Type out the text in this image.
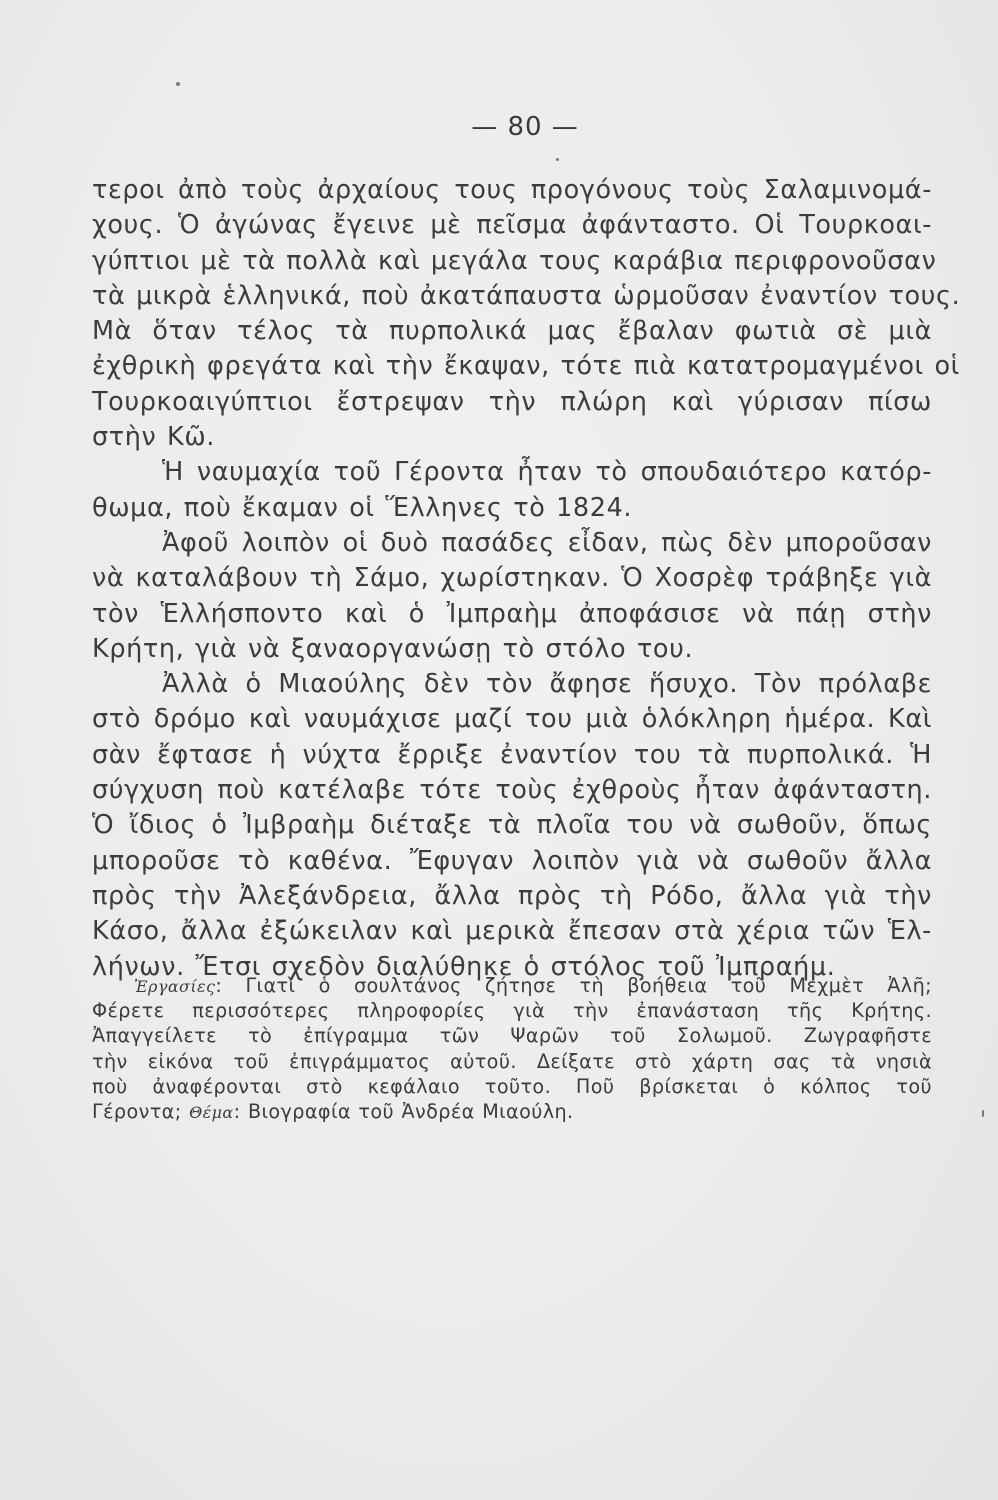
— 80 —
τεροι ἀπὸ τοὺς ἀρχαίους τους προγόνους τοὺς Σαλαμινομά-
χους. Ὁ ἀγώνας ἔγεινε μὲ πεῖσμα ἀφάνταστο. Οἱ Τουρκοαι-
γύπτιοι μὲ τὰ πολλὰ καὶ μεγάλα τους καράβια περιφρονοῦσαν
τὰ μικρὰ ἑλληνικά, ποὺ ἀκατάπαυστα ὡρμοῦσαν ἐναντίον τους.
Μὰ ὅταν τέλος τὰ πυρπολικά μας ἔβαλαν φωτιὰ σὲ μιὰ
ἐχθρικὴ φρεγάτα καὶ τὴν ἔκαψαν, τότε πιὰ κατατρομαγμένοι οἱ
Τουρκοαιγύπτιοι ἔστρεψαν τὴν πλώρη καὶ γύρισαν πίσω
στὴν Κῶ.
Ἡ ναυμαχία τοῦ Γέροντα ἦταν τὸ σπουδαιότερο κατόρ-
θωμα, ποὺ ἔκαμαν οἱ Ἕλληνες τὸ 1824.
Ἀφοῦ λοιπὸν οἱ δυὸ πασάδες εἶδαν, πὼς δὲν μποροῦσαν
νὰ καταλάβουν τὴ Σάμο, χωρίστηκαν. Ὁ Χοσρὲφ τράβηξε γιὰ
τὸν Ἑλλήσποντο καὶ ὁ Ἰμπραὴμ ἀποφάσισε νὰ πάῃ στὴν
Κρήτη, γιὰ νὰ ξαναοργανώσῃ τὸ στόλο του.
Ἀλλὰ ὁ Μιαούλης δὲν τὸν ἄφησε ἥσυχο. Τὸν πρόλαβε
στὸ δρόμο καὶ ναυμάχισε μαζί του μιὰ ὁλόκληρη ἡμέρα. Καὶ
σὰν ἔφτασε ἡ νύχτα ἔρριξε ἐναντίον του τὰ πυρπολικά. Ἡ
σύγχυση ποὺ κατέλαβε τότε τοὺς ἐχθροὺς ἦταν ἀφάνταστη.
Ὁ ἴδιος ὁ Ἰμβραὴμ διέταξε τὰ πλοῖα του νὰ σωθοῦν, ὅπως
μποροῦσε τὸ καθένα. Ἔφυγαν λοιπὸν γιὰ νὰ σωθοῦν ἄλλα
πρὸς τὴν Ἀλεξάνδρεια, ἄλλα πρὸς τὴ Ρόδο, ἄλλα γιὰ τὴν
Κάσο, ἄλλα ἐξώκειλαν καὶ μερικὰ ἔπεσαν στὰ χέρια τῶν Ἑλ-
λήνων. Ἔτσι σχεδὸν διαλύθηκε ὁ στόλος τοῦ Ἰμπραήμ.
Ἐργασίες: Γιατὶ ὁ σουλτάνος ζήτησε τὴ βοήθεια τοῦ Μεχμὲτ Ἀλῆ;
Φέρετε περισσότερες πληροφορίες γιὰ τὴν ἐπανάσταση τῆς Κρήτης.
Ἀπαγγείλετε τὸ ἐπίγραμμα τῶν Ψαρῶν τοῦ Σολωμοῦ. Ζωγραφῆστε
τὴν εἰκόνα τοῦ ἐπιγράμματος αὐτοῦ. Δείξατε στὸ χάρτη σας τὰ νησιὰ
ποὺ ἀναφέρονται στὸ κεφάλαιο τοῦτο. Ποῦ βρίσκεται ὁ κόλπος τοῦ
Γέροντα; Θέμα: Βιογραφία τοῦ Ἀνδρέα Μιαούλη.
